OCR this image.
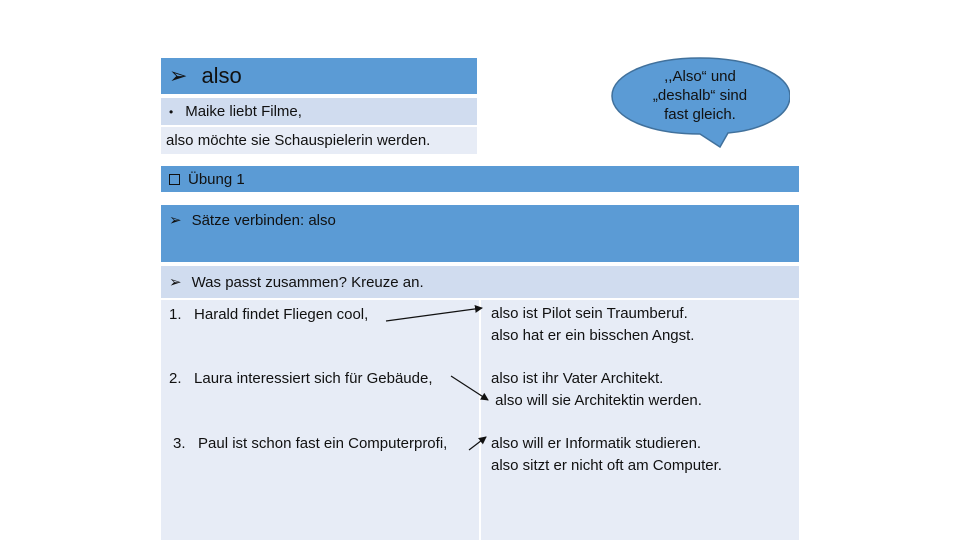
➢ also
• Maike liebt Filme,
also möchte sie Schauspielerin werden.
,,Also“ und
„deshalb“ sind
fast gleich.
Übung 1
➢ Sätze verbinden: also
➢ Was passt zusammen? Kreuze an.
1. Harald findet Fliegen cool,	also ist Pilot sein Traumberuf.
also hat er ein bisschen Angst.
2. Laura interessiert sich für Gebäude,	also ist ihr Vater Architekt.
also will sie Architektin werden.
3. Paul ist schon fast ein Computerprofi,	also will er Informatik studieren.
also sitzt er nicht oft am Computer.
